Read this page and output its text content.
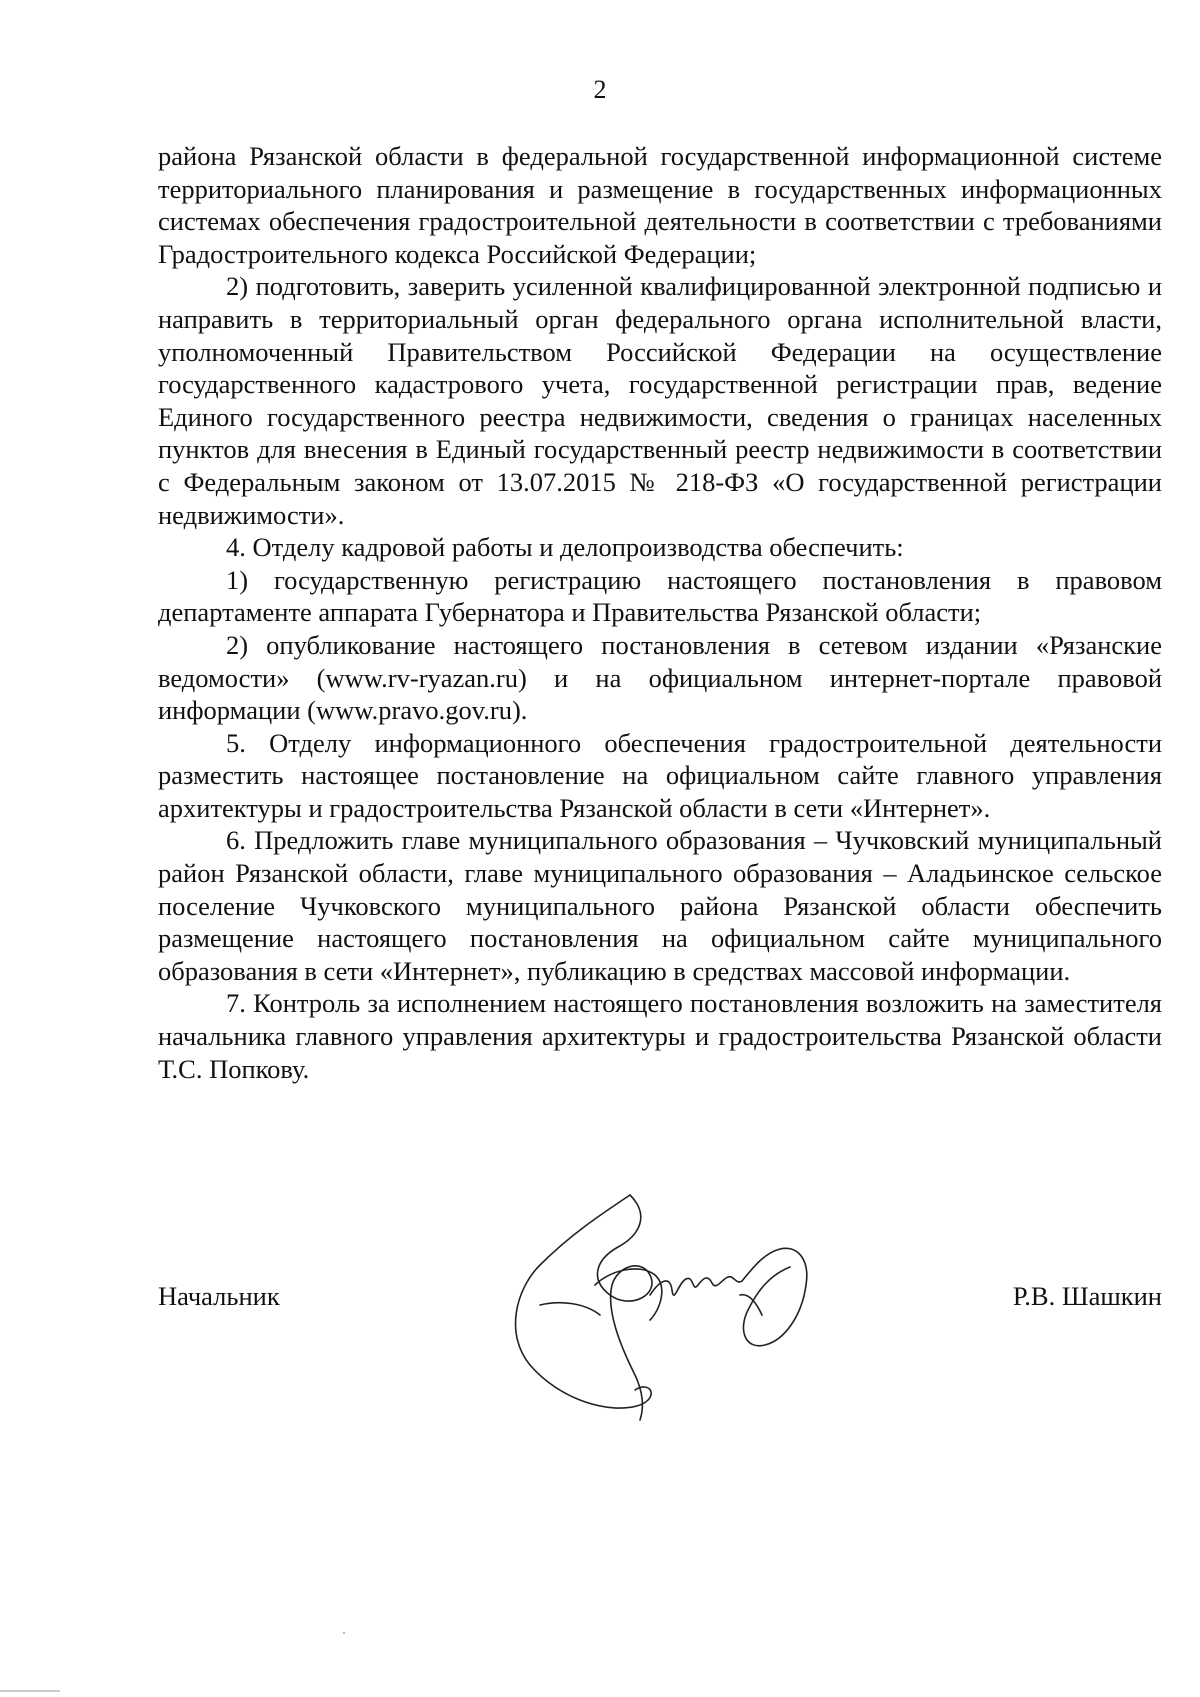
2

района Рязанской области в федеральной государственной информационной системе территориального планирования и размещение в государственных информационных системах обеспечения градостроительной деятельности в соответствии с требованиями Градостроительного кодекса Российской Федерации;

2) подготовить, заверить усиленной квалифицированной электронной подписью и направить в территориальный орган федерального органа исполнительной власти, уполномоченный Правительством Российской Федерации на осуществление государственного кадастрового учета, государственной регистрации прав, ведение Единого государственного реестра недвижимости, сведения о границах населенных пунктов для внесения в Единый государственный реестр недвижимости в соответствии с Федеральным законом от 13.07.2015 № 218-ФЗ «О государственной регистрации недвижимости».

4. Отделу кадровой работы и делопроизводства обеспечить:

1) государственную регистрацию настоящего постановления в правовом департаменте аппарата Губернатора и Правительства Рязанской области;

2) опубликование настоящего постановления в сетевом издании «Рязанские ведомости» (www.rv-ryazan.ru) и на официальном интернет-портале правовой информации (www.pravo.gov.ru).

5. Отделу информационного обеспечения градостроительной деятельности разместить настоящее постановление на официальном сайте главного управления архитектуры и градостроительства Рязанской области в сети «Интернет».

6. Предложить главе муниципального образования – Чучковский муниципальный район Рязанской области, главе муниципального образования – Аладьинское сельское поселение Чучковского муниципального района Рязанской области обеспечить размещение настоящего постановления на официальном сайте муниципального образования в сети «Интернет», публикацию в средствах массовой информации.

7. Контроль за исполнением настоящего постановления возложить на заместителя начальника главного управления архитектуры и градостроительства Рязанской области Т.С. Попкову.

Начальник	Р.В. Шашкин
